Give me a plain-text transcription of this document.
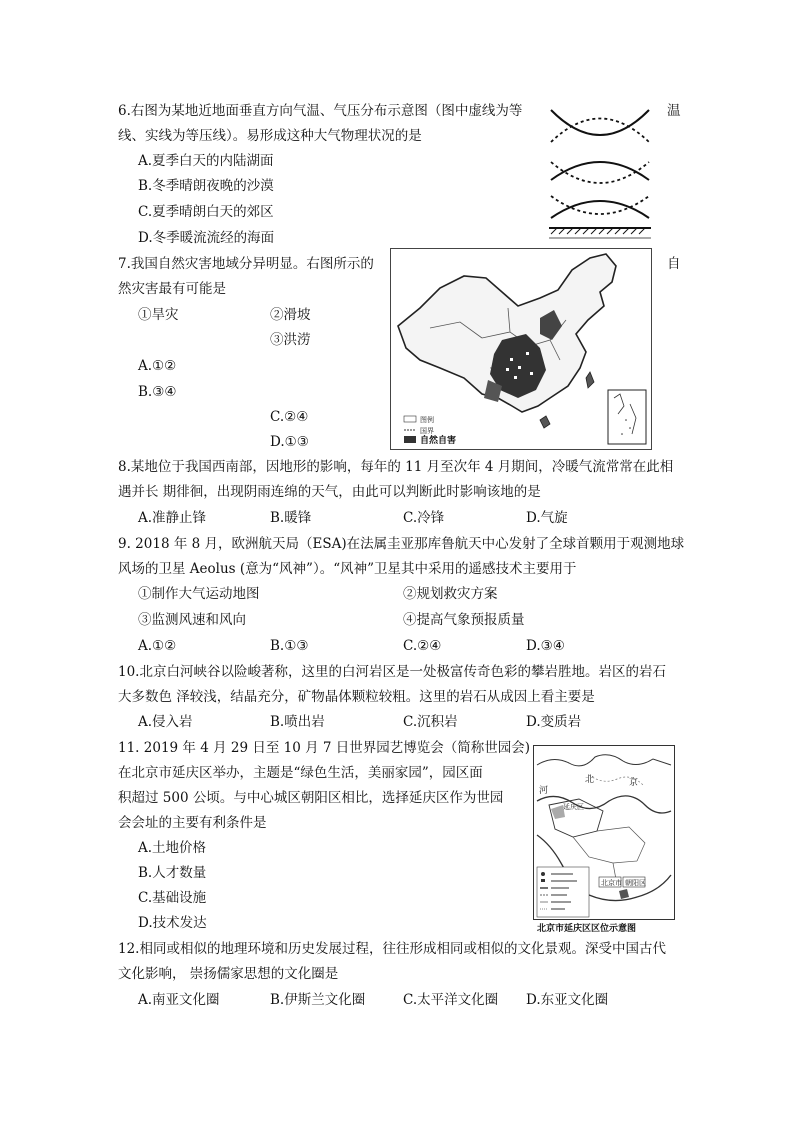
6.右图为某地近地面垂直方向气温、气压分布示意图（图中虚线为等	温
线、实线为等压线）。易形成这种大气物理状况的是
A.夏季白天的内陆湖面
B.冬季晴朗夜晚的沙漠
C.夏季晴朗白天的郊区
D.冬季暖流流经的海面
7.我国自然灾害地域分异明显。右图所示的	自
然灾害最有可能是
①旱灾	②滑坡
③洪涝
A.①②
B.③④
C.②④
D.①③
图例
国界
自然自害
8.某地位于我国西南部，因地形的影响，每年的 11 月至次年 4 月期间，冷暖气流常常在此相
遇并长 期徘徊，出现阴雨连绵的天气，由此可以判断此时影响该地的是
A.准静止锋	B.暖锋	C.冷锋	D.气旋
9. 2018 年 8 月，欧洲航天局（ESA)在法属圭亚那库鲁航天中心发射了全球首颗用于观测地球
风场的卫星 Aeolus (意为“风神”）。“风神”卫星其中采用的遥感技术主要用于
①制作大气运动地图	②规划救灾方案
③监测风速和风向	④提高气象预报质量
A.①②	B.①③	C.②④	D.③④
10.北京白河峡谷以险峻著称，这里的白河岩区是一处极富传奇色彩的攀岩胜地。岩区的岩石
大多数色 泽较浅，结晶充分，矿物晶体颗粒较粗。这里的岩石从成因上看主要是
A.侵入岩	B.喷出岩	C.沉积岩	D.变质岩
11. 2019 年 4 月 29 日至 10 月 7 日世界园艺博览会（简称世园会)
在北京市延庆区举办，主题是“绿色生活，美丽家园”，园区面
积超过 500 公顷。与中心城区朝阳区相比，选择延庆区作为世园
会会址的主要有利条件是
A.土地价格
B.人才数量
C.基础设施
D.技术发达
北	京
河
延庆区
北京市 朝阳区
北京市延庆区区位示意图
12.相同或相似的地理环境和历史发展过程，往往形成相同或相似的文化景观。深受中国古代
文化影响， 崇扬儒家思想的文化圈是
A.南亚文化圈	B.伊斯兰文化圈	C.太平洋文化圈 D.东亚文化圈
